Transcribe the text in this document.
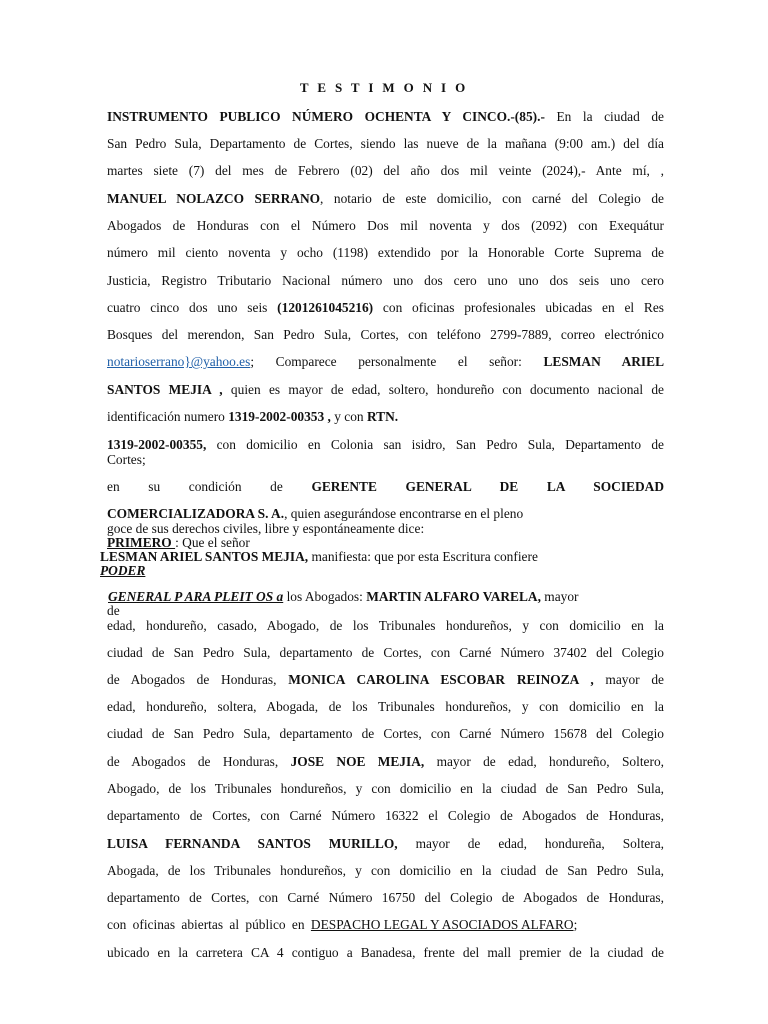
T E S T I M O N I O
INSTRUMENTO PUBLICO NÚMERO OCHENTA Y CINCO.-(85).- En la ciudad de
San Pedro Sula, Departamento de Cortes, siendo las nueve de la mañana (9:00 am.) del día
martes siete (7) del mes de Febrero (02) del año dos mil veinte (2024),- Ante mí, ,
MANUEL NOLAZCO SERRANO, notario de este domicilio, con carné del Colegio de
Abogados de Honduras con el Número Dos mil noventa y dos (2092) con Exequátur
número mil ciento noventa y ocho (1198) extendido por la Honorable Corte Suprema de
Justicia, Registro Tributario Nacional número uno dos cero uno uno dos seis uno cero
cuatro cinco dos uno seis (1201261045216) con oficinas profesionales ubicadas en el Res
Bosques del merendon, San Pedro Sula, Cortes, con teléfono 2799-7889, correo electrónico
notarioserrano}@yahoo.es; Comparece personalmente el señor: LESMAN ARIEL
SANTOS MEJIA , quien es mayor de edad, soltero, hondureño con documento nacional de
identificación numero 1319-2002-00353 , y con RTN.
1319-2002-00355, con domicilio en Colonia san isidro, San Pedro Sula, Departamento de
Cortes;
en su condición de GERENTE GENERAL DE LA SOCIEDAD
COMERCIALIZADORA S. A., quien asegurándose encontrarse en el pleno
goce de sus derechos civiles, libre y espontáneamente dice:
PRIMERO : Que el señor
LESMAN ARIEL SANTOS MEJIA, manifiesta: que por esta Escritura confiere
PODER
GENERAL P ARA PLEIT OS a los Abogados: MARTIN ALFARO VARELA, mayor
de
edad, hondureño, casado, Abogado, de los Tribunales hondureños, y con domicilio en la
ciudad de San Pedro Sula, departamento de Cortes, con Carné Número 37402 del Colegio
de Abogados de Honduras, MONICA CAROLINA ESCOBAR REINOZA , mayor de
edad, hondureño, soltera, Abogada, de los Tribunales hondureños, y con domicilio en la
ciudad de San Pedro Sula, departamento de Cortes, con Carné Número 15678 del Colegio
de Abogados de Honduras, JOSE NOE MEJIA, mayor de edad, hondureño, Soltero,
Abogado, de los Tribunales hondureños, y con domicilio en la ciudad de San Pedro Sula,
departamento de Cortes, con Carné Número 16322 el Colegio de Abogados de Honduras,
LUISA FERNANDA SANTOS MURILLO, mayor de edad, hondureña, Soltera,
Abogada, de los Tribunales hondureños, y con domicilio en la ciudad de San Pedro Sula,
departamento de Cortes, con Carné Número 16750 del Colegio de Abogados de Honduras,
con oficinas abiertas al público en DESPACHO LEGAL Y ASOCIADOS ALFARO;
ubicado en la carretera CA 4 contiguo a Banadesa, frente del mall premier de la ciudad de
